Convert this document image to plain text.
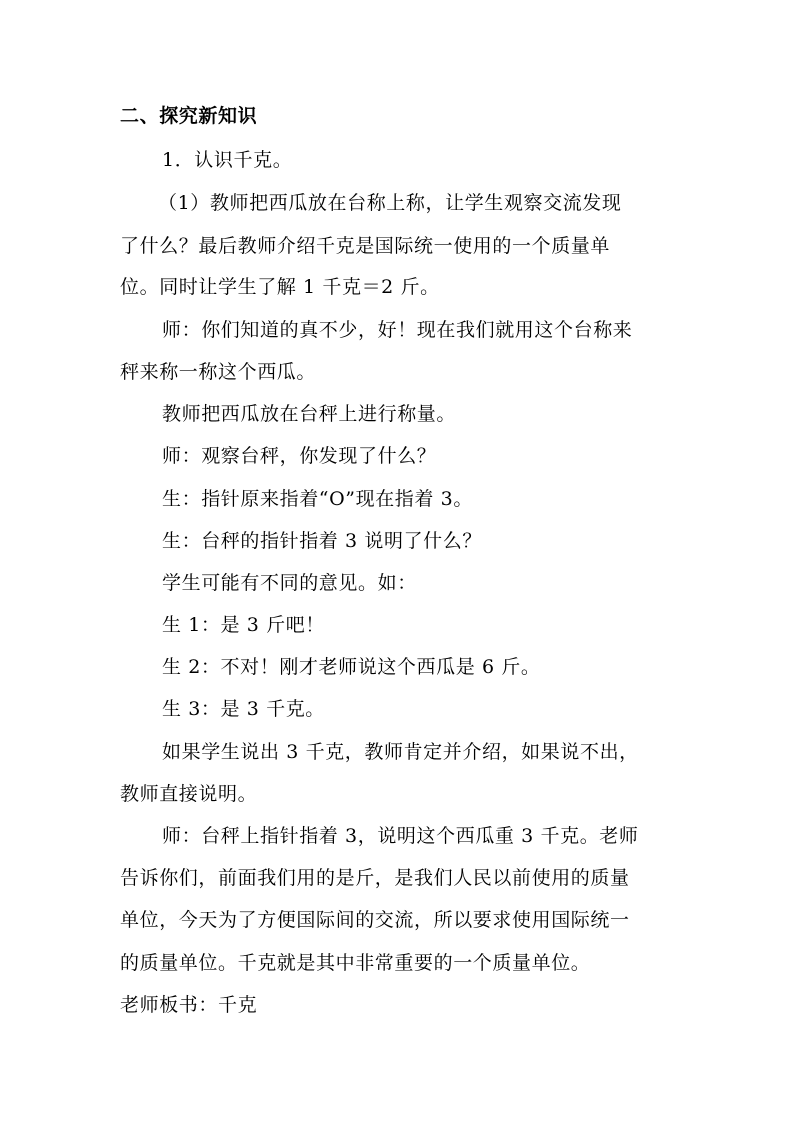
二、探究新知识
1．认识千克。
（1）教师把西瓜放在台称上称，让学生观察交流发现
了什么？最后教师介绍千克是国际统一使用的一个质量单
位。同时让学生了解 1 千克＝2 斤。
师：你们知道的真不少，好！现在我们就用这个台称来
秤来称一称这个西瓜。
教师把西瓜放在台秤上进行称量。
师：观察台秤，你发现了什么？
生：指针原来指着“O”现在指着 3。
生：台秤的指针指着 3 说明了什么？
学生可能有不同的意见。如：
生 1：是 3 斤吧！
生 2：不对！刚才老师说这个西瓜是 6 斤。
生 3：是 3 千克。
如果学生说出 3 千克，教师肯定并介绍，如果说不出，
教师直接说明。
师：台秤上指针指着 3，说明这个西瓜重 3 千克。老师
告诉你们，前面我们用的是斤，是我们人民以前使用的质量
单位，今天为了方便国际间的交流，所以要求使用国际统一
的质量单位。千克就是其中非常重要的一个质量单位。
老师板书：千克
